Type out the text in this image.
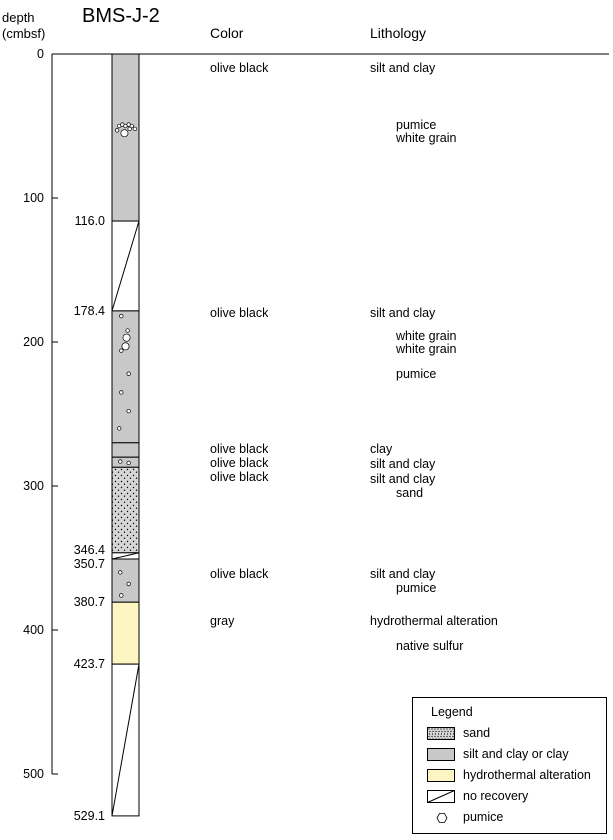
BMS-J-2
depth
(cmbsf)	Color	Lithology
0
100
200
300
400
500
116.0
178.4
346.4
350.7
380.7
423.7
529.1
olive black
olive black
olive black
olive black
olive black
olive black
gray
silt and clay
pumice
white grain
silt and clay
white grain
white grain
pumice
clay
silt and clay
silt and clay
sand
silt and clay
pumice
hydrothermal alteration
native sulfur
Legend
sand
silt and clay or clay
hydrothermal alteration
no recovery
pumice
